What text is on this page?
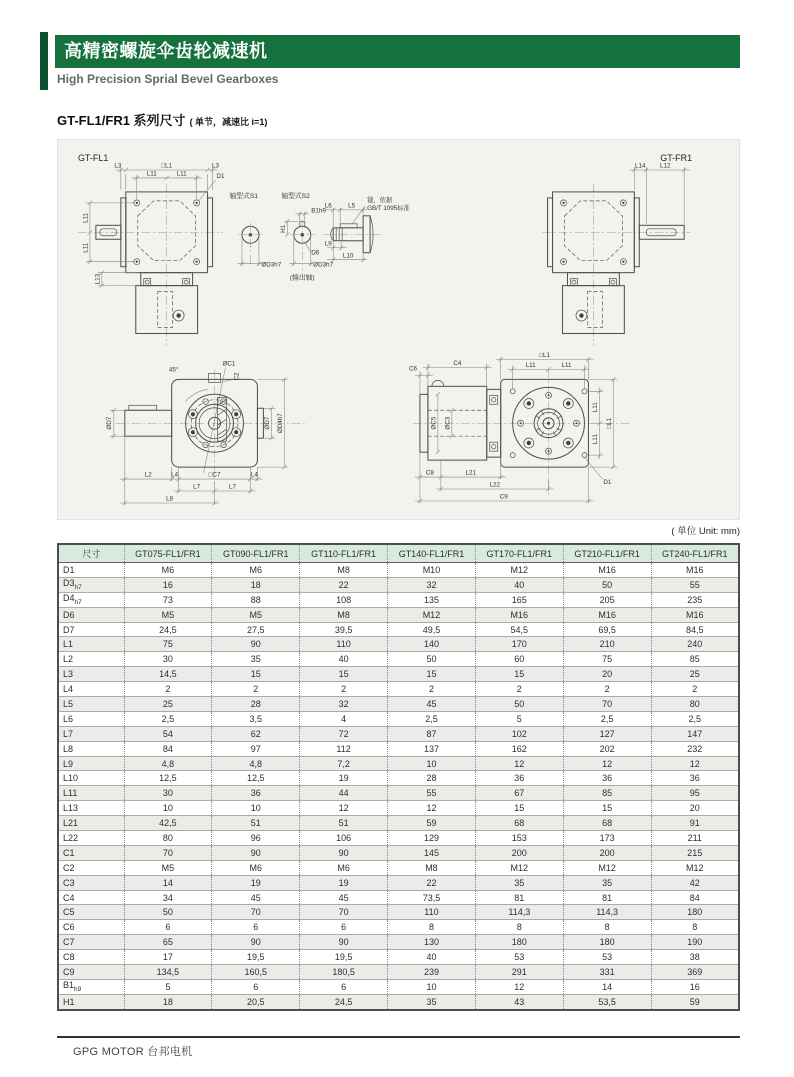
高精密螺旋伞齿轮减速机
High Precision Sprial Bevel Gearboxes
GT-FL1/FR1 系列尺寸 ( 单节，减速比 i=1)
GT-FL1
L3	□L1	L3
L11	L11	D1
L11
L11
L13
轴型式S1
ØD3h7
轴型式S2
B1h9
H1
D6
ØD3h7
(输出轴)
L6	L5
键，依据
GB/T 1095标准
L9
L10
GT-FR1
L14 L12
45°
ØC1
C2
ØD7	ØD7 ØD4h7
L2	L4	□C7	L4
L7	L7
L8
C6
C4
□L1
L11	L11
L11
L11
□L1
ØC5 ØC3
C8	L21
L22
C9
D1
( 单位 Unit: mm)
尺寸	GT075-FL1/FR1	GT090-FL1/FR1	GT110-FL1/FR1	GT140-FL1/FR1	GT170-FL1/FR1	GT210-FL1/FR1	GT240-FL1/FR1
D1	M6	M6	M8	M10	M12	M16	M16
$D3_{h7}$	16	18	22	32	40	50	55
$D4_{h7}$	73	88	108	135	165	205	235
D6	M5	M5	M8	M12	M16	M16	M16
D7	24,5	27,5	39,5	49,5	54,5	69,5	84,5
L1	75	90	110	140	170	210	240
L2	30	35	40	50	60	75	85
L3	14,5	15	15	15	15	20	25
L4	2	2	2	2	2	2	2
L5	25	28	32	45	50	70	80
L6	2,5	3,5	4	2,5	5	2,5	2,5
L7	54	62	72	87	102	127	147
L8	84	97	112	137	162	202	232
L9	4,8	4,8	7,2	10	12	12	12
L10	12,5	12,5	19	28	36	36	36
L11	30	36	44	55	67	85	95
L13	10	10	12	12	15	15	20
L21	42,5	51	51	59	68	68	91
L22	80	96	106	129	153	173	211
C1	70	90	90	145	200	200	215
C2	M5	M6	M6	M8	M12	M12	M12
C3	14	19	19	22	35	35	42
C4	34	45	45	73,5	81	81	84
C5	50	70	70	110	114,3	114,3	180
C6	6	6	6	8	8	8	8
C7	65	90	90	130	180	180	190
C8	17	19,5	19,5	40	53	53	38
C9	134,5	160,5	180,5	239	291	331	369
$B1_{h9}$	5	6	6	10	12	14	16
H1	18	20,5	24,5	35	43	53,5	59
GPG MOTOR 台邦电机
